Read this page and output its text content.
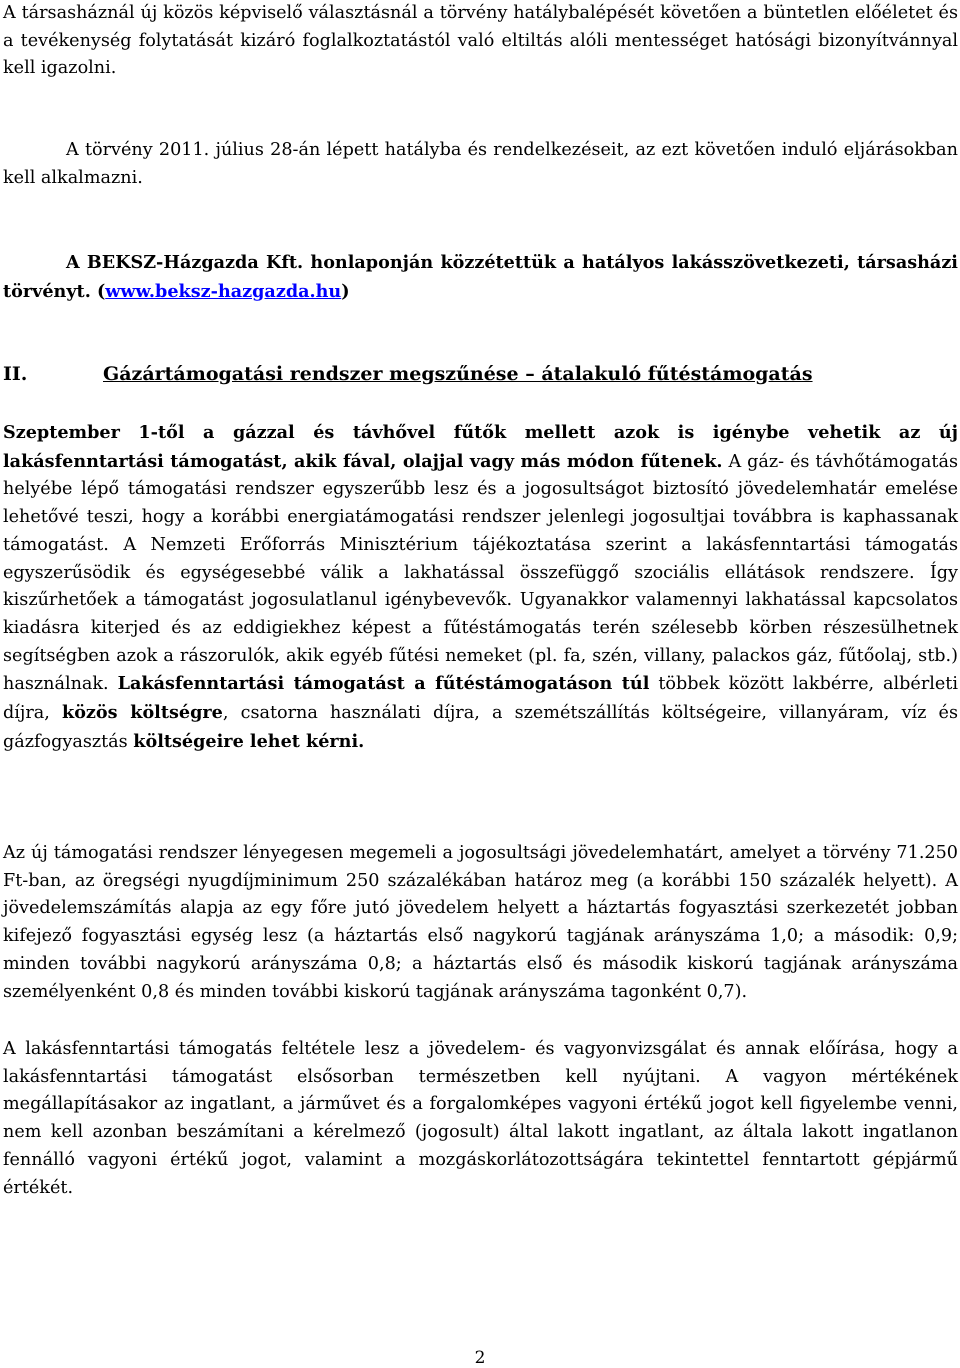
A társasháznál új közös képviselő választásnál a törvény hatálybalépését követően a büntetlen előéletet és a tevékenység folytatását kizáró foglalkoztatástól való eltiltás alóli mentességet hatósági bizonyítvánnyal kell igazolni.

A törvény 2011. július 28-án lépett hatályba és rendelkezéseit, az ezt követően induló eljárásokban kell alkalmazni.

A BEKSZ-Házgazda Kft. honlaponján közzétettük a hatályos lakásszövetkezeti, társasházi törvényt. (www.beksz-hazgazda.hu)

II.	Gázártámogatási rendszer megszűnése – átalakuló fűtéstámogatás

Szeptember 1-től a gázzal és távhővel fűtők mellett azok is igénybe vehetik az új lakásfenntartási támogatást, akik fával, olajjal vagy más módon fűtenek. A gáz- és távhőtámogatás helyébe lépő támogatási rendszer egyszerűbb lesz és a jogosultságot biztosító jövedelemhatár emelése lehetővé teszi, hogy a korábbi energiatámogatási rendszer jelenlegi jogosultjai továbbra is kaphassanak támogatást. A Nemzeti Erőforrás Minisztérium tájékoztatása szerint a lakásfenntartási támogatás egyszerűsödik és egységesebbé válik a lakhatással összefüggő szociális ellátások rendszere. Így kiszűrhetőek a támogatást jogosulatlanul igénybevevők. Ugyanakkor valamennyi lakhatással kapcsolatos kiadásra kiterjed és az eddigiekhez képest a fűtéstámogatás terén szélesebb körben részesülhetnek segítségben azok a rászorulók, akik egyéb fűtési nemeket (pl. fa, szén, villany, palackos gáz, fűtőolaj, stb.) használnak. Lakásfenntartási támogatást a fűtéstámogatáson túl többek között lakbérre, albérleti díjra, közös költségre, csatorna használati díjra, a szemétszállítás költségeire, villanyáram, víz és gázfogyasztás költségeire lehet kérni.

Az új támogatási rendszer lényegesen megemeli a jogosultsági jövedelemhatárt, amelyet a törvény 71.250 Ft-ban, az öregségi nyugdíjminimum 250 százalékában határoz meg (a korábbi 150 százalék helyett). A jövedelemszámítás alapja az egy főre jutó jövedelem helyett a háztartás fogyasztási szerkezetét jobban kifejező fogyasztási egység lesz (a háztartás első nagykorú tagjának arányszáma 1,0; a második: 0,9; minden további nagykorú arányszáma 0,8; a háztartás első és második kiskorú tagjának arányszáma személyenként 0,8 és minden további kiskorú tagjának arányszáma tagonként 0,7).

A lakásfenntartási támogatás feltétele lesz a jövedelem- és vagyonvizsgálat és annak előírása, hogy a lakásfenntartási támogatást elsősorban természetben kell nyújtani. A vagyon mértékének megállapításakor az ingatlant, a járművet és a forgalomképes vagyoni értékű jogot kell figyelembe venni, nem kell azonban beszámítani a kérelmező (jogosult) által lakott ingatlant, az általa lakott ingatlanon fennálló vagyoni értékű jogot, valamint a mozgáskorlátozottságára tekintettel fenntartott gépjármű értékét.

2
